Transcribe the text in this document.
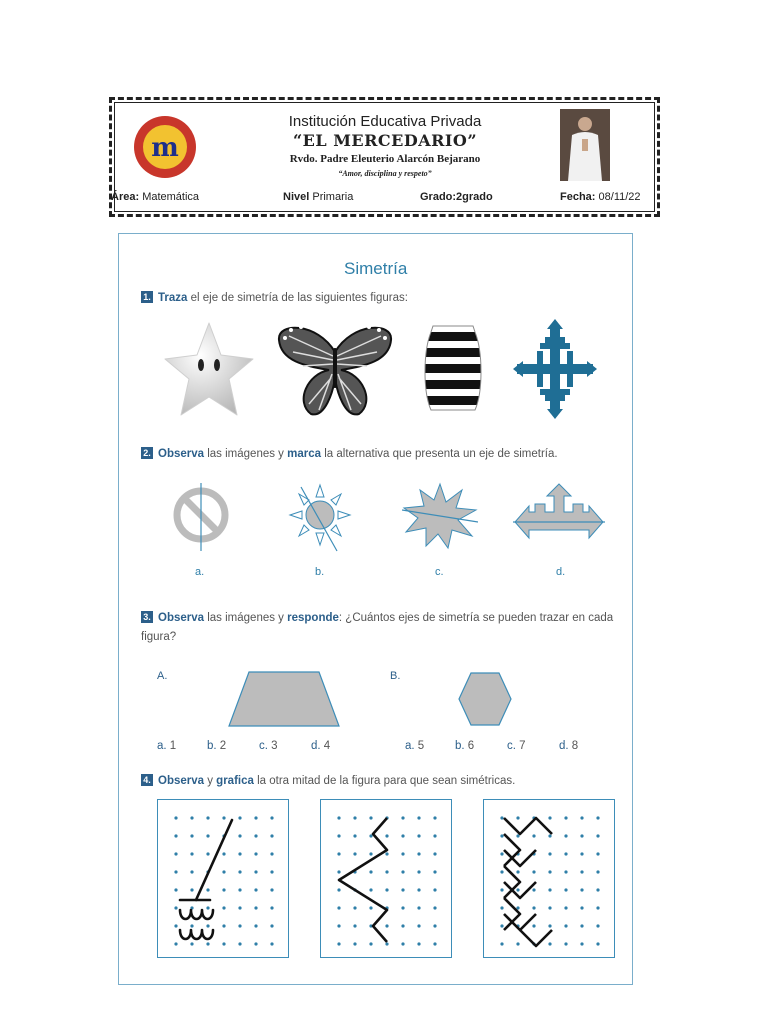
m
Institución Educativa Privada
“EL MERCEDARIO”
Rvdo. Padre Eleuterio Alarcón Bejarano
“Amor, disciplina y respeto”
Área: Matemática	Nivel Primaria	Grado:2grado	Fecha: 08/11/22
Simetría
1. Traza el eje de simetría de las siguientes figuras:
2. Observa las imágenes y marca la alternativa que presenta un eje de simetría.
a.	b.	c.	d.
3. Observa las imágenes y responde: ¿Cuántos ejes de simetría se pueden trazar en cada
figura?
A.	B.
a. 1	b. 2	c. 3	d. 4	a. 5	b. 6	c. 7	d. 8
4. Observa y grafica la otra mitad de la figura para que sean simétricas.
